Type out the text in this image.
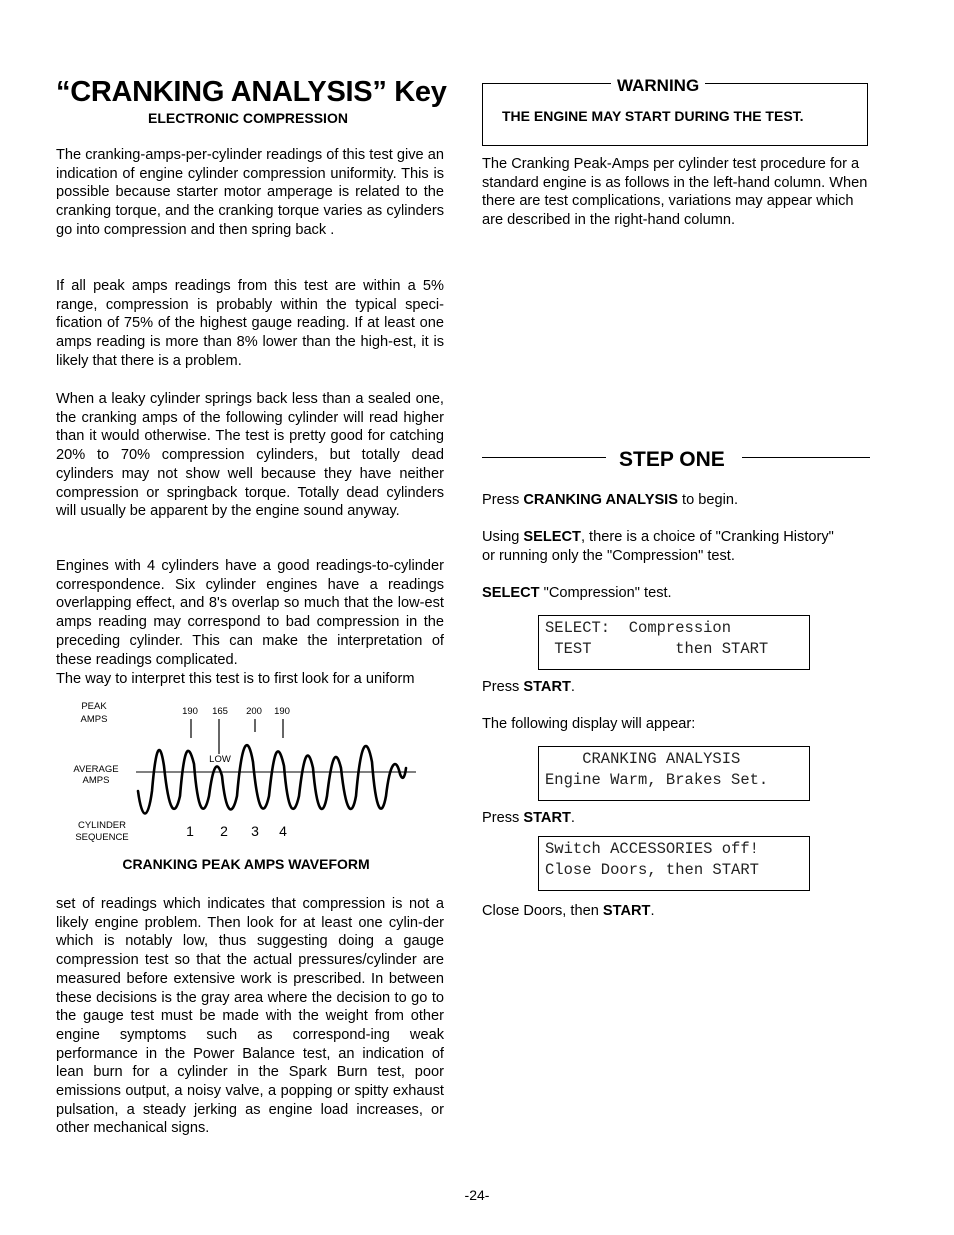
“CRANKING ANALYSIS” Key
ELECTRONIC COMPRESSION

The cranking-amps-per-cylinder readings of this test give an indication of engine cylinder compression uniformity. This is possible because starter motor amperage is related to the cranking torque, and the cranking torque varies as cylinders go into compression and then spring back .

If all peak amps readings from this test are within a 5% range, compression is probably within the typical speci-fication of 75% of the highest gauge reading. If at least one amps reading is more than 8% lower than the high-est, it is likely that there is a problem.

When a leaky cylinder springs back less than a sealed one, the cranking amps of the following cylinder will read higher than it would otherwise. The test is pretty good for catching 20% to 70% compression cylinders, but totally dead cylinders may not show well because they have neither compression or springback torque. Totally dead cylinders will usually be apparent by the engine sound anyway.

Engines with 4 cylinders have a good readings-to-cylinder correspondence. Six cylinder engines have a readings overlapping effect, and 8's overlap so much that the low-est amps reading may correspond to bad compression in the preceding cylinder. This can make the interpretation of these readings complicated.

The way to interpret this test is to first look for a uniform

PEAK
AMPS
AVERAGE
AMPS
CYLINDER
SEQUENCE
190 165 200 190
LOW
1 2 3 4
CRANKING PEAK AMPS WAVEFORM

set of readings which indicates that compression is not a likely engine problem. Then look for at least one cylin-der which is notably low, thus suggesting doing a gauge compression test so that the actual pressures/cylinder are measured before extensive work is prescribed. In between these decisions is the gray area where the decision to go to the gauge test must be made with the weight from other engine symptoms such as correspond-ing weak performance in the Power Balance test, an indication of lean burn for a cylinder in the Spark Burn test, poor emissions output, a noisy valve, a popping or spitty exhaust pulsation, a steady jerking as engine load increases, or other mechanical signs.

WARNING
THE ENGINE MAY START DURING THE TEST.

The Cranking Peak-Amps per cylinder test procedure for a standard engine is as follows in the left-hand column. When there are test complications, variations may appear which are described in the right-hand column.

STEP ONE
Press CRANKING ANALYSIS to begin.
Using SELECT, there is a choice of "Cranking History"
or running only the "Compression" test.
SELECT "Compression" test.
SELECT:  Compression
TEST         then START
Press START.
The following display will appear:
CRANKING ANALYSIS
Engine Warm, Brakes Set.
Press START.
Switch ACCESSORIES off!
Close Doors, then START
Close Doors, then START.
-24-
